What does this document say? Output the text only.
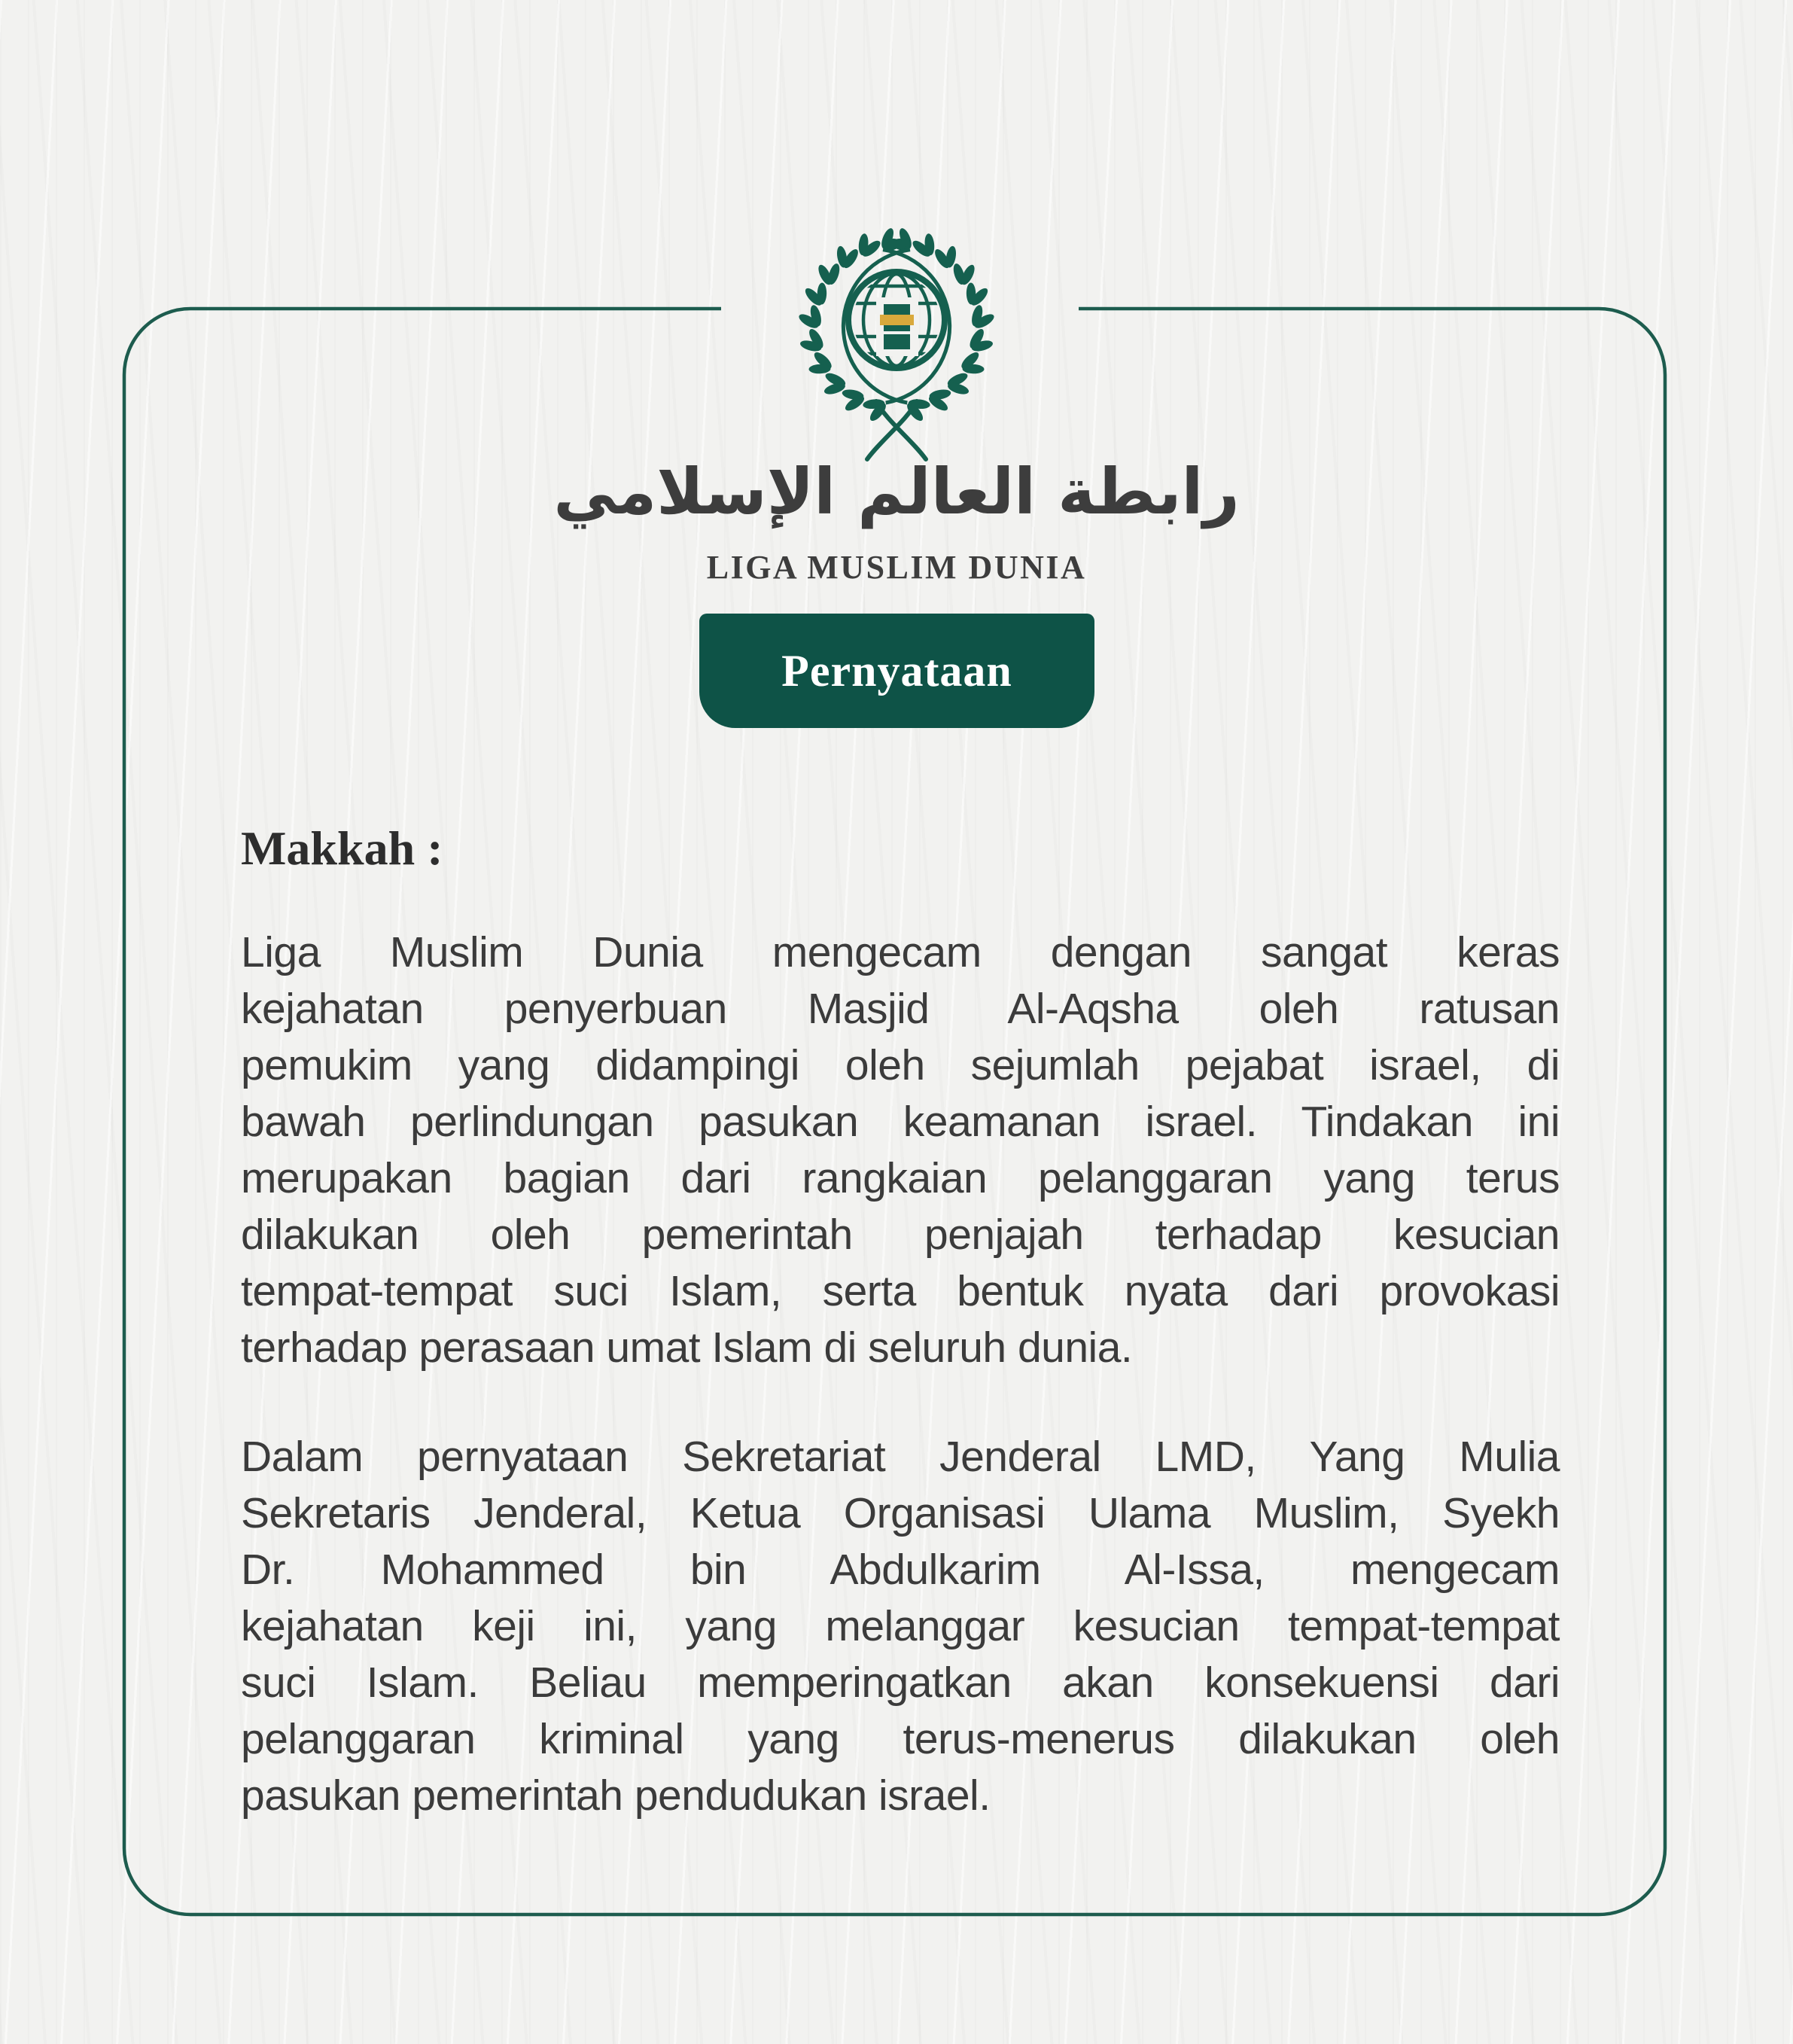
رابطة العالم الإسلامي
LIGA MUSLIM DUNIA
Pernyataan
Makkah :
Liga Muslim Dunia mengecam dengan sangat keras
kejahatan penyerbuan Masjid Al-Aqsha oleh ratusan
pemukim yang didampingi oleh sejumlah pejabat israel, di
bawah perlindungan pasukan keamanan israel. Tindakan ini
merupakan bagian dari rangkaian pelanggaran yang terus
dilakukan oleh pemerintah penjajah terhadap kesucian
tempat-tempat suci Islam, serta bentuk nyata dari provokasi
terhadap perasaan umat Islam di seluruh dunia.
Dalam pernyataan Sekretariat Jenderal LMD, Yang Mulia
Sekretaris Jenderal, Ketua Organisasi Ulama Muslim, Syekh
Dr. Mohammed bin Abdulkarim Al-Issa, mengecam
kejahatan keji ini, yang melanggar kesucian tempat-tempat
suci Islam. Beliau memperingatkan akan konsekuensi dari
pelanggaran kriminal yang terus-menerus dilakukan oleh
pasukan pemerintah pendudukan israel.
